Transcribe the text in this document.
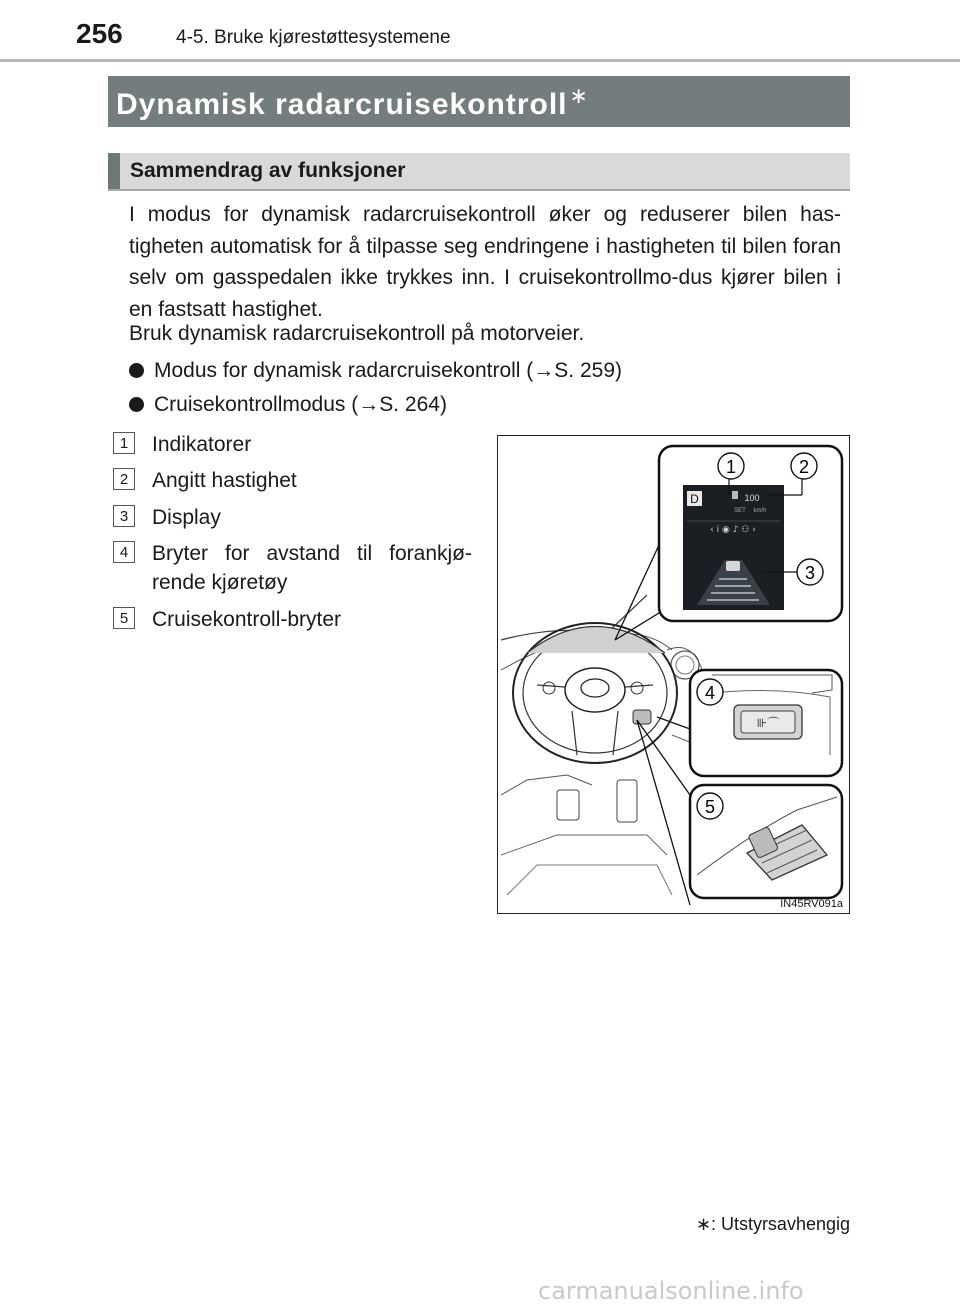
256	4-5. Bruke kjørestøttesystemene
Dynamisk radarcruisekontroll∗
Sammendrag av funksjoner
I modus for dynamisk radarcruisekontroll øker og reduserer bilen has-tigheten automatisk for å tilpasse seg endringene i hastigheten til bilen foran selv om gasspedalen ikke trykkes inn. I cruisekontrollmo-dus kjører bilen i en fastsatt hastighet.
Bruk dynamisk radarcruisekontroll på motorveier.
Modus for dynamisk radarcruisekontroll (→S. 259)
Cruisekontrollmodus (→S. 264)
1	Indikatorer
2	Angitt hastighet
3	Display
4	Bryter for avstand til forankjø-rende kjøretøy
5	Cruisekontroll-bryter
D	100
SET km/h
‹ i ◉ ♪ ⚇ ›
1	2
3
⊪⌒
4
5
IN45RV091a
∗: Utstyrsavhengig
carmanualsonline.info
